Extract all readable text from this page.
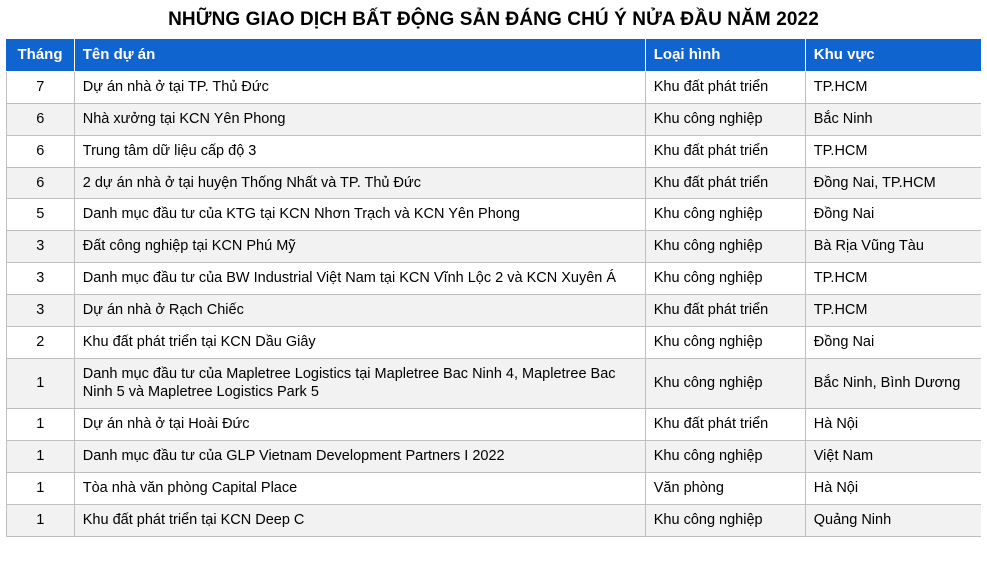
NHỮNG GIAO DỊCH BẤT ĐỘNG SẢN ĐÁNG CHÚ Ý NỬA ĐẦU NĂM 2022
Tháng	Tên dự án	Loại hình	Khu vực
7	Dự án nhà ở tại TP. Thủ Đức	Khu đất phát triển	TP.HCM
6	Nhà xưởng tại KCN Yên Phong	Khu công nghiệp	Bắc Ninh
6	Trung tâm dữ liệu cấp độ 3	Khu đất phát triển	TP.HCM
6	2 dự án nhà ở tại huyện Thống Nhất và TP. Thủ Đức	Khu đất phát triển	Đồng Nai, TP.HCM
5	Danh mục đầu tư của KTG tại KCN Nhơn Trạch và KCN Yên Phong	Khu công nghiệp	Đồng Nai
3	Đất công nghiệp tại KCN Phú Mỹ	Khu công nghiệp	Bà Rịa Vũng Tàu
3	Danh mục đầu tư của BW Industrial Việt Nam tại KCN Vĩnh Lộc 2 và KCN Xuyên Á	Khu công nghiệp	TP.HCM
3	Dự án nhà ở Rạch Chiếc	Khu đất phát triển	TP.HCM
2	Khu đất phát triển tại KCN Dầu Giây	Khu công nghiệp	Đồng Nai
1	Danh mục đầu tư của Mapletree Logistics tại Mapletree Bac Ninh 4, Mapletree Bac Ninh 5 và Mapletree Logistics Park 5	Khu công nghiệp	Bắc Ninh, Bình Dương
1	Dự án nhà ở tại Hoài Đức	Khu đất phát triển	Hà Nội
1	Danh mục đầu tư của GLP Vietnam Development Partners I 2022	Khu công nghiệp	Việt Nam
1	Tòa nhà văn phòng Capital Place	Văn phòng	Hà Nội
1	Khu đất phát triển tại KCN Deep C	Khu công nghiệp	Quảng Ninh
